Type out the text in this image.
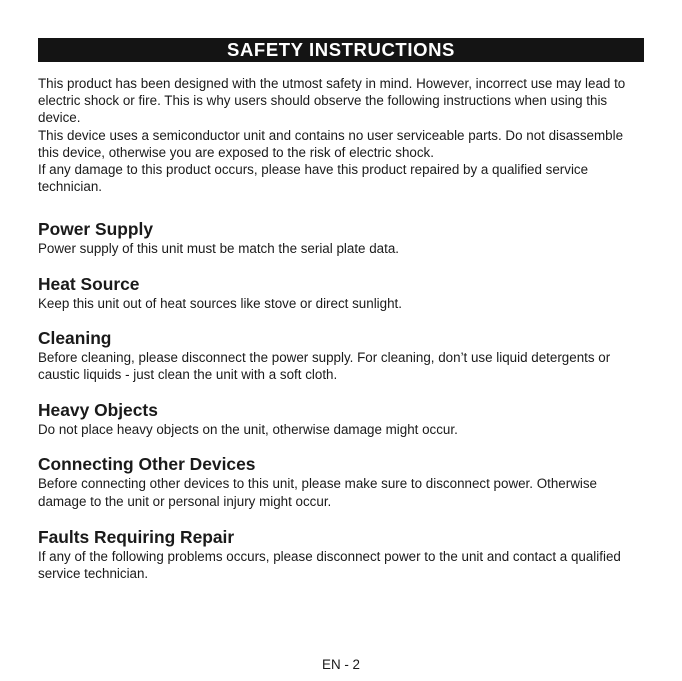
SAFETY INSTRUCTIONS

This product has been designed with the utmost safety in mind. However, incorrect use may lead to electric shock or fire. This is why users should observe the following instructions when using this device.

This device uses a semiconductor unit and contains no user serviceable parts. Do not disassemble this device, otherwise you are exposed to the risk of electric shock.

If any damage to this product occurs, please have this product repaired by a qualified service technician.

Power Supply

Power supply of this unit must be match the serial plate data.

Heat Source

Keep this unit out of heat sources like stove or direct sunlight.

Cleaning

Before cleaning, please disconnect the power supply. For cleaning, don’t use liquid detergents or caustic liquids - just clean the unit with a soft cloth.

Heavy Objects

Do not place heavy objects on the unit, otherwise damage might occur.

Connecting Other Devices

Before connecting other devices to this unit, please make sure to disconnect power. Otherwise damage to the unit or personal injury might occur.

Faults Requiring Repair

If any of the following problems occurs, please disconnect power to the unit and contact a qualified service technician.

EN - 2
